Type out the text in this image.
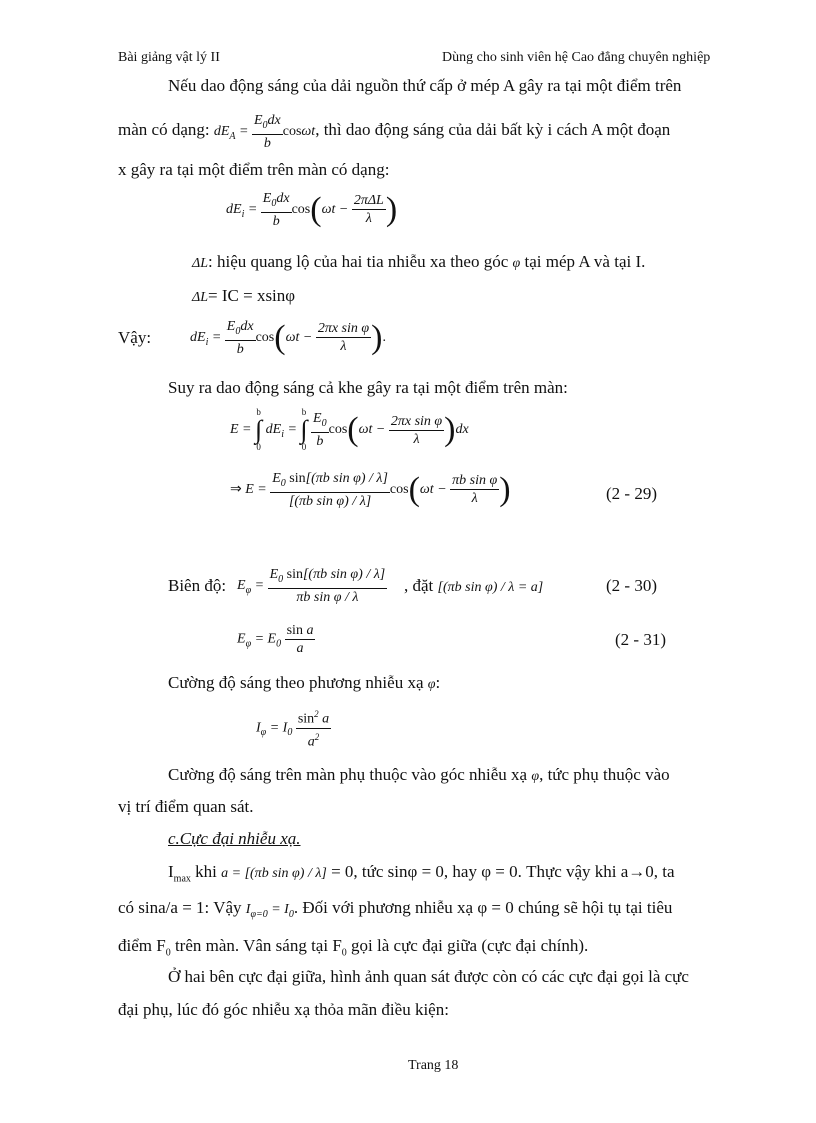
Bài giảng vật lý II	Dùng cho sinh viên hệ Cao đẳng chuyên nghiệp
Nếu dao động sáng của dải nguồn thứ cấp ở mép A gây ra tại một điểm trên
màn có dạng: $dE_A = \frac{E_0dx}{b} \cos\omega t$, thì dao động sáng của dải bất kỳ i cách A một đoạn
x gây ra tại một điểm trên màn có dạng:
$dE_i = \frac{E_0dx}{b} \cos(\omega t - \frac{\text{2πΔL}}{\lambda}$ )
ΔL: hiệu quang lộ của hai tia nhiễu xa theo góc φ tại mép A và tại I.
ΔL= IC = xsinφ
Vậy:	$dE_i = \frac{E_0dx}{b} \cos(\omega t - \frac{\text{2πx sin φ}}{\lambda}$ ).
Suy ra dao động sáng cả khe gây ra tại một điểm trên màn:
E =
b
∫
0
$dE_i$ =
b
∫
0
$\frac{E_0}{b} \cos(\omega t - \frac{\text{2πx sin φ}}{\lambda} )dx$
⇒ $E = \frac{E_0 \sin[(\pi b \sin \varphi) / \lambda]}{\text{[(πb sin φ) / λ]}} \cos(\omega t - \frac{\text{πb sin φ}}{\lambda}$ )	(2 - 29)
Biên độ: $E_\varphi = \frac{E_0 \sin[(\pi b \sin \varphi) / \lambda]}{\text{πb sin φ / λ}}$ , đặt [(πb sin φ) / λ = a]	(2 - 30)
$E_\varphi = E_0 \frac{\text{sin a}}{a}$	(2 - 31)
Cường độ sáng theo phương nhiễu xạ φ:
$I_\varphi = I_0 \frac{\sin^2 a}{a^2}$
Cường độ sáng trên màn phụ thuộc vào góc nhiễu xạ φ, tức phụ thuộc vào
vị trí điểm quan sát.
c.Cực đại nhiễu xạ.
$I_{max}$ khi a = [(πb sin φ) / λ] = 0, tức sinφ = 0, hay φ = 0. Thực vậy khi a→0, ta
có sina/a = 1: Vậy $I_{\varphi=0} = I_0$. Đối với phương nhiễu xạ φ = 0 chúng sẽ hội tụ tại tiêu
điểm $F_0$ trên màn. Vân sáng tại $F_0$ gọi là cực đại giữa (cực đại chính).
Ở hai bên cực đại giữa, hình ảnh quan sát được còn có các cực đại gọi là cực
đại phụ, lúc đó góc nhiễu xạ thỏa mãn điều kiện:
Trang 18
